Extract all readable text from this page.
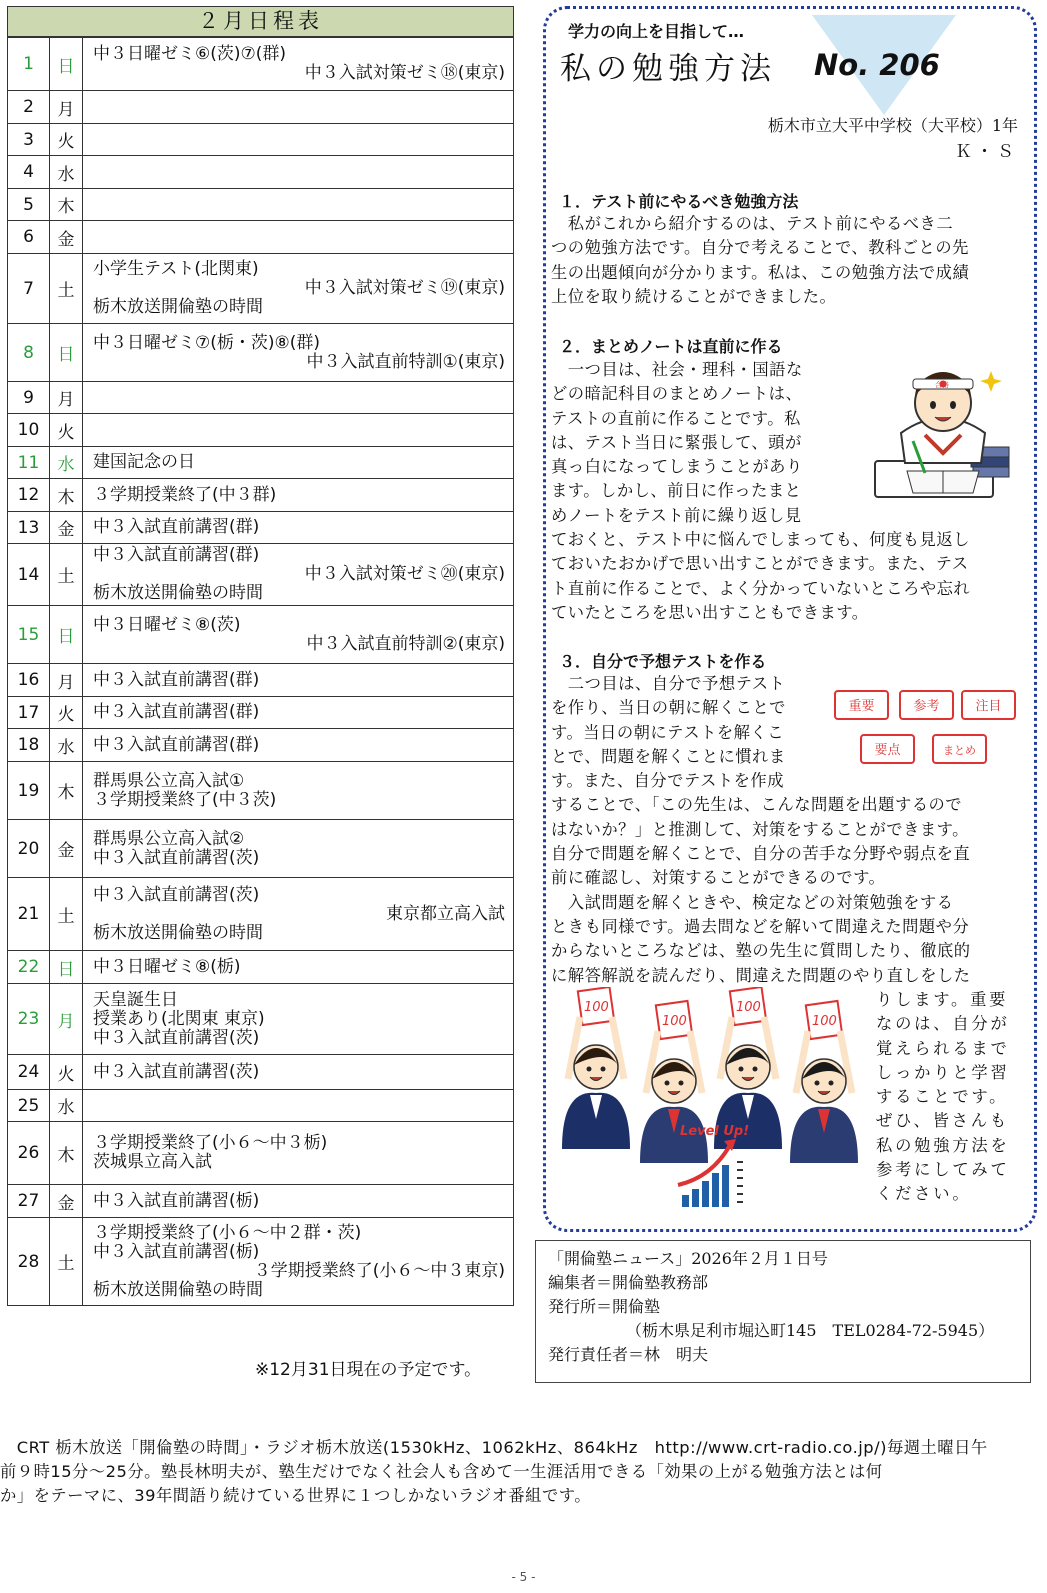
２月日程表
1	日	中３日曜ゼミ⑥(茨)⑦(群)
中３入試対策ゼミ⑱(東京)

2	月	
3	火	
4	水	
5	木	
6	金	
7	土	小学生テスト(北関東)
中３入試対策ゼミ⑲(東京)
栃木放送開倫塾の時間

8	日	中３日曜ゼミ⑦(栃・茨)⑧(群)
中３入試直前特訓①(東京)

9	月	
10	火	
11	水	建国記念の日

12	木	３学期授業終了(中３群)

13	金	中３入試直前講習(群)

14	土	中３入試直前講習(群)
中３入試対策ゼミ⑳(東京)
栃木放送開倫塾の時間

15	日	中３日曜ゼミ⑧(茨)
中３入試直前特訓②(東京)

16	月	中３入試直前講習(群)

17	火	中３入試直前講習(群)

18	水	中３入試直前講習(群)

19	木	群馬県公立高入試①
３学期授業終了(中３茨)

20	金	群馬県公立高入試②
中３入試直前講習(茨)

21	土	中３入試直前講習(茨)
東京都立高入試
栃木放送開倫塾の時間

22	日	中３日曜ゼミ⑧(栃)

23	月	天皇誕生日
授業あり(北関東 東京)
中３入試直前講習(茨)

24	火	中３入試直前講習(茨)

25	水	
26	木	３学期授業終了(小６～中３栃)
茨城県立高入試

27	金	中３入試直前講習(栃)

28	土	３学期授業終了(小６～中２群・茨)
中３入試直前講習(栃)
３学期授業終了(小６～中３東京)
栃木放送開倫塾の時間
※12月31日現在の予定です。
学力の向上を目指して…
私の勉強方法 No. 206
栃木市立大平中学校（大平校）1年
Ｋ・Ｓ
１．テスト前にやるべき勉強方法
　私がこれから紹介するのは、テスト前にやるべき二
つの勉強方法です。自分で考えることで、教科ごとの先
生の出題傾向が分かります。私は、この勉強方法で成績
上位を取り続けることができました。
２．まとめノートは直前に作る
　一つ目は、社会・理科・国語な
どの暗記科目のまとめノートは、
テストの直前に作ることです。私
は、テスト当日に緊張して、頭が
真っ白になってしまうことがあり
ます。しかし、前日に作ったまと
めノートをテスト前に繰り返し見
ておくと、テスト中に悩んでしまっても、何度も見返し
ておいたおかげで思い出すことができます。また、テス
ト直前に作ることで、よく分かっていないところや忘れ
ていたところを思い出すこともできます。
３．自分で予想テストを作る
　二つ目は、自分で予想テスト
を作り、当日の朝に解くことで
す。当日の朝にテストを解くこ
とで、問題を解くことに慣れま
す。また、自分でテストを作成
することで、「この先生は、こんな問題を出題するので
はないか？」と推測して、対策をすることができます。
自分で問題を解くことで、自分の苦手な分野や弱点を直
前に確認し、対策することができるのです。
　入試問題を解くときや、検定などの対策勉強をする
ときも同様です。過去問などを解いて間違えた問題や分
からないところなどは、塾の先生に質問したり、徹底的
に解答解説を読んだり、間違えた問題のやり直しをした
りします。重要
なのは、自分が
覚えられるまで
しっかりと学習
することです。
ぜひ、皆さんも
私の勉強方法を
参考にしてみて
ください。
合格
重要	参考	注目
要点	まとめ
100
100
100
100
Level Up!
「開倫塾ニュース」2026年２月１日号
編集者＝開倫塾教務部
発行所＝開倫塾
（栃木県足利市堀込町145　TEL0284-72-5945）
発行責任者＝林　明夫
　CRT 栃木放送「開倫塾の時間」・ラジオ栃木放送(1530kHz、1062kHz、864kHz　http://www.crt-radio.co.jp/)毎週土曜日午
前９時15分～25分。塾長林明夫が、塾生だけでなく社会人も含めて一生涯活用できる「効果の上がる勉強方法とは何
か」をテーマに、39年間語り続けている世界に１つしかないラジオ番組です。
- 5 -
